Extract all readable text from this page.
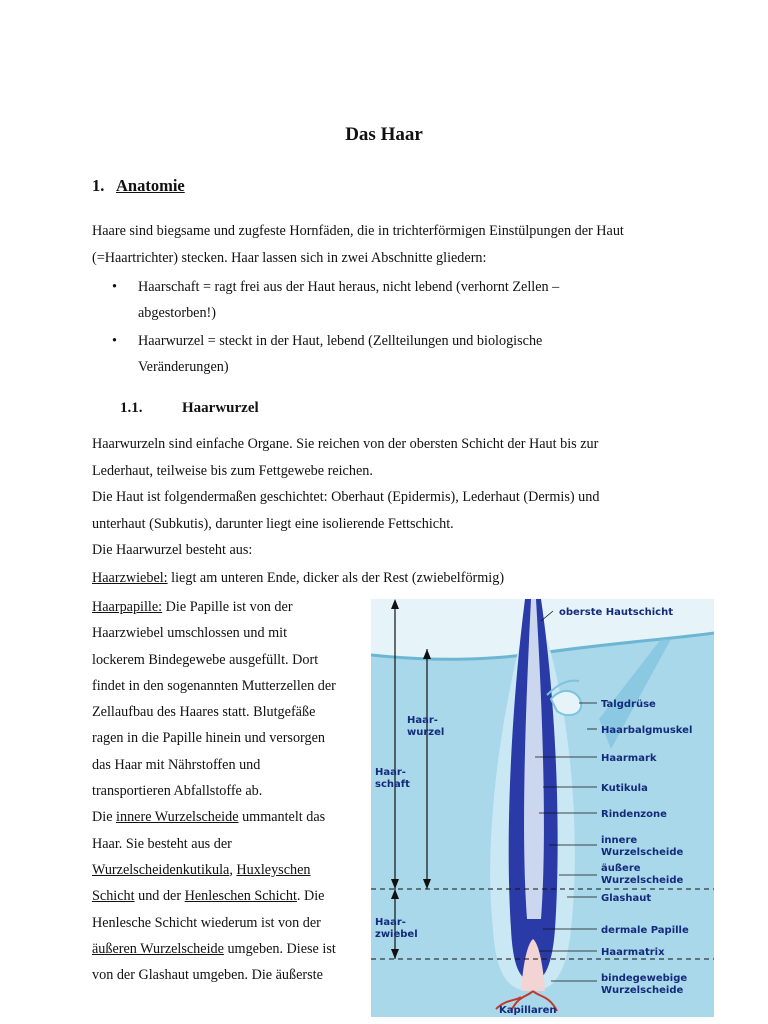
Das Haar
1. Anatomie
Haare sind biegsame und zugfeste Hornfäden, die in trichterförmigen Einstülpungen der Haut
(=Haartrichter) stecken. Haar lassen sich in zwei Abschnitte gliedern:
• Haarschaft = ragt frei aus der Haut heraus, nicht lebend (verhornt Zellen – abgestorben!)
• Haarwurzel = steckt in der Haut, lebend (Zellteilungen und biologische Veränderungen)
1.1.	Haarwurzel
Haarwurzeln sind einfache Organe. Sie reichen von der obersten Schicht der Haut bis zur
Lederhaut, teilweise bis zum Fettgewebe reichen.
Die Haut ist folgendermaßen geschichtet: Oberhaut (Epidermis), Lederhaut (Dermis) und
unterhaut (Subkutis), darunter liegt eine isolierende Fettschicht.
Die Haarwurzel besteht aus:
Haarzwiebel: liegt am unteren Ende, dicker als der Rest (zwiebelförmig)
Haarpapille: Die Papille ist von der
Haarzwiebel umschlossen und mit
lockerem Bindegewebe ausgefüllt. Dort
findet in den sogenannten Mutterzellen der
Zellaufbau des Haares statt. Blutgefäße
ragen in die Papille hinein und versorgen
das Haar mit Nährstoffen und
transportieren Abfallstoffe ab.
Die innere Wurzelscheide ummantelt das
Haar. Sie besteht aus der
Wurzelscheidenkutikula, Huxleyschen
Schicht und der Henleschen Schicht. Die
Henlesche Schicht wiederum ist von der
äußeren Wurzelscheide umgeben. Diese ist
von der Glashaut umgeben. Die äußerste
oberste Hautschicht
Talgdrüse
Haarbalgmuskel
Haarmark
Kutikula
Rindenzone
innere
Wurzelscheide
äußere
Wurzelscheide
Glashaut
dermale Papille
Haarmatrix
bindegewebige
Wurzelscheide
Haar-
wurzel
Haar-
schaft
Haar-
zwiebel
Kapillaren
